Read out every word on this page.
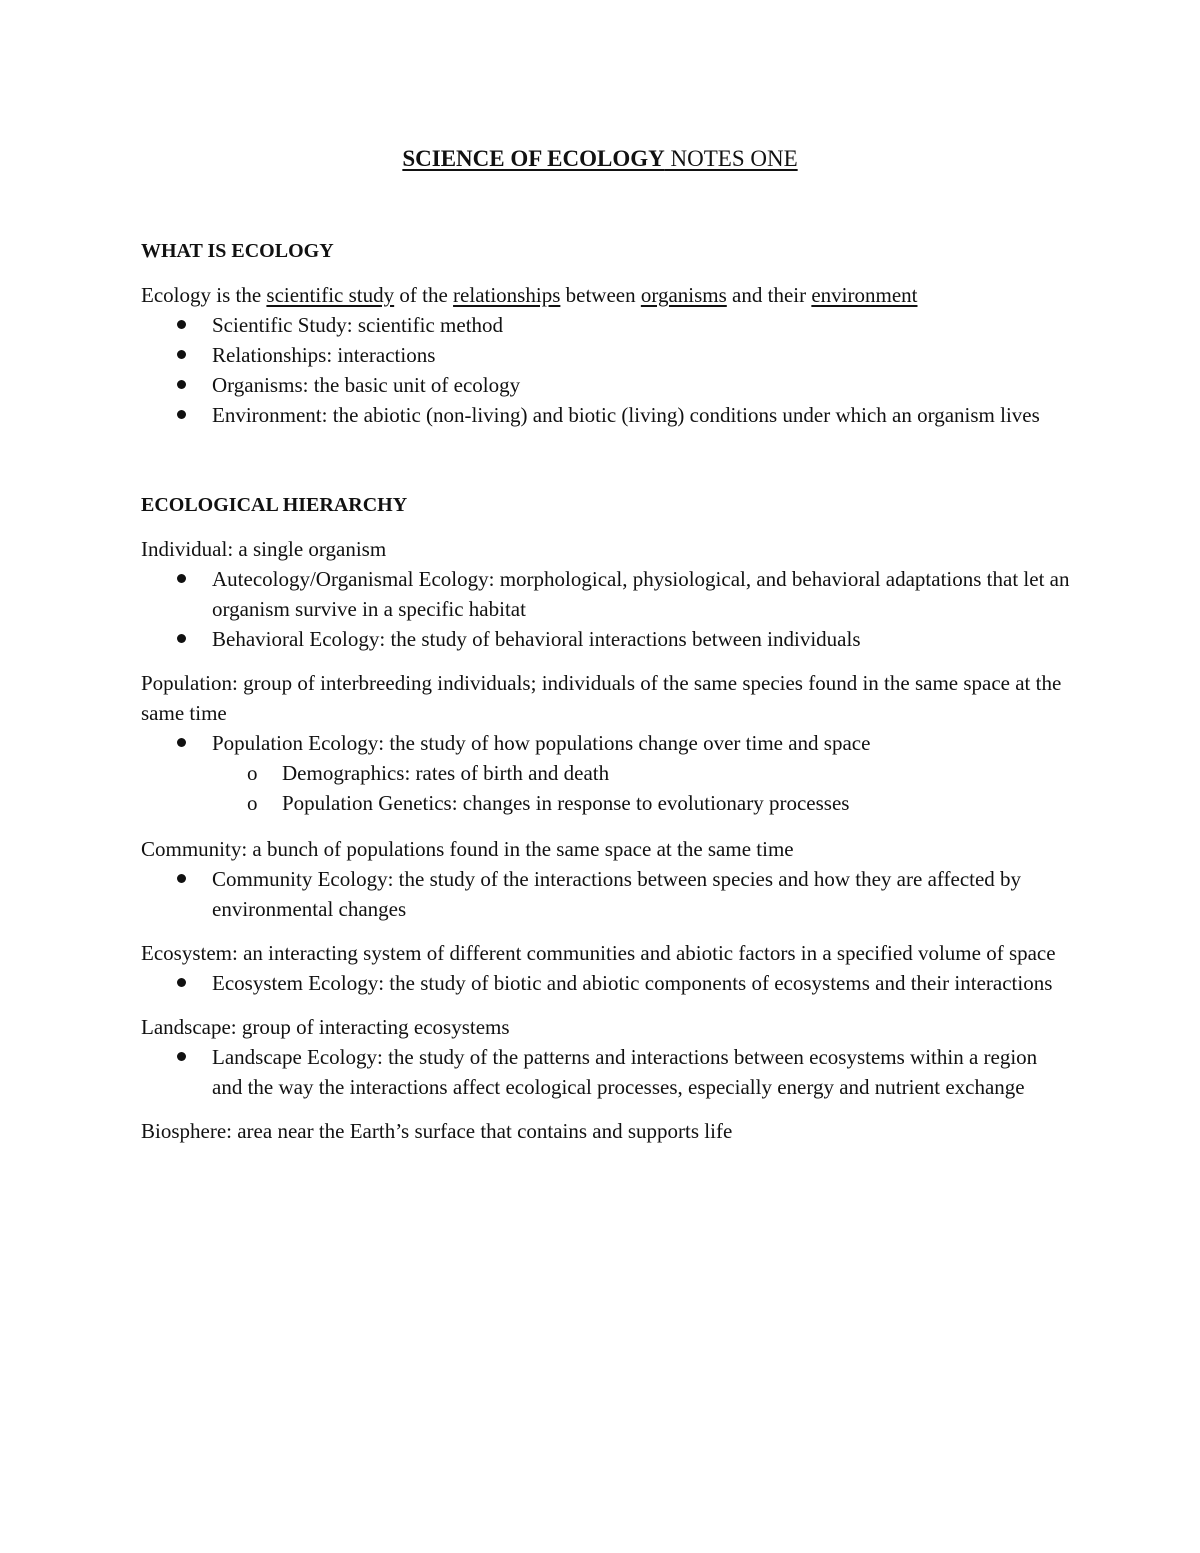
SCIENCE OF ECOLOGY NOTES ONE

WHAT IS ECOLOGY

Ecology is the scientific study of the relationships between organisms and their environment

Scientific Study: scientific method
Relationships: interactions
Organisms: the basic unit of ecology
Environment: the abiotic (non-living) and biotic (living) conditions under which an organism lives

ECOLOGICAL HIERARCHY

Individual: a single organism

Autecology/Organismal Ecology: morphological, physiological, and behavioral adaptations that let an organism survive in a specific habitat
Behavioral Ecology: the study of behavioral interactions between individuals

Population: group of interbreeding individuals; individuals of the same species found in the same space at the same time

Population Ecology: the study of how populations change over time and space
o Demographics: rates of birth and death
o Population Genetics: changes in response to evolutionary processes

Community: a bunch of populations found in the same space at the same time

Community Ecology: the study of the interactions between species and how they are affected by environmental changes

Ecosystem: an interacting system of different communities and abiotic factors in a specified volume of space

Ecosystem Ecology: the study of biotic and abiotic components of ecosystems and their interactions

Landscape: group of interacting ecosystems

Landscape Ecology: the study of the patterns and interactions between ecosystems within a region and the way the interactions affect ecological processes, especially energy and nutrient exchange

Biosphere: area near the Earth’s surface that contains and supports life
